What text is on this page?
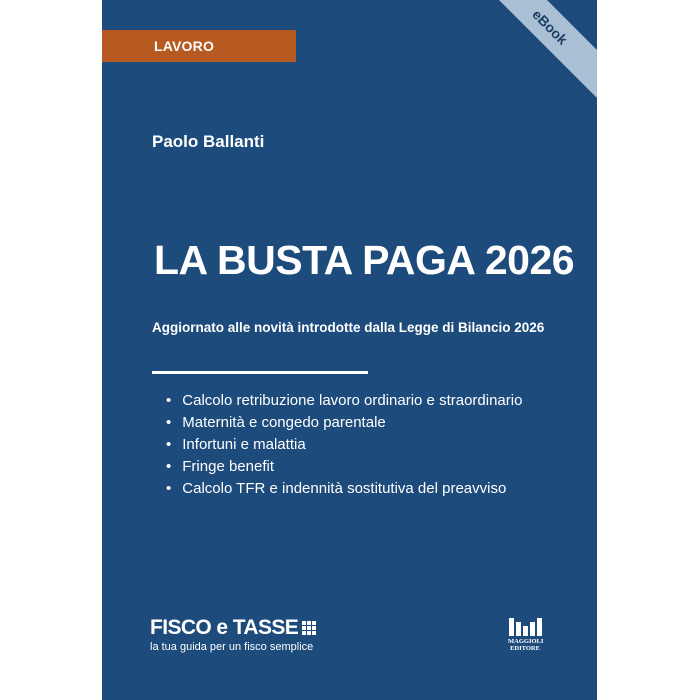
LAVORO	eBook
Paolo Ballanti
LA BUSTA PAGA 2026
Aggiornato alle novità introdotte dalla Legge di Bilancio 2026
• Calcolo retribuzione lavoro ordinario e straordinario
• Maternità e congedo parentale
• Infortuni e malattia
• Fringe benefit
• Calcolo TFR e indennità sostitutiva del preavviso
FISCO e TASSE
la tua guida per un fisco semplice	MAGGIOLI
EDITORE
